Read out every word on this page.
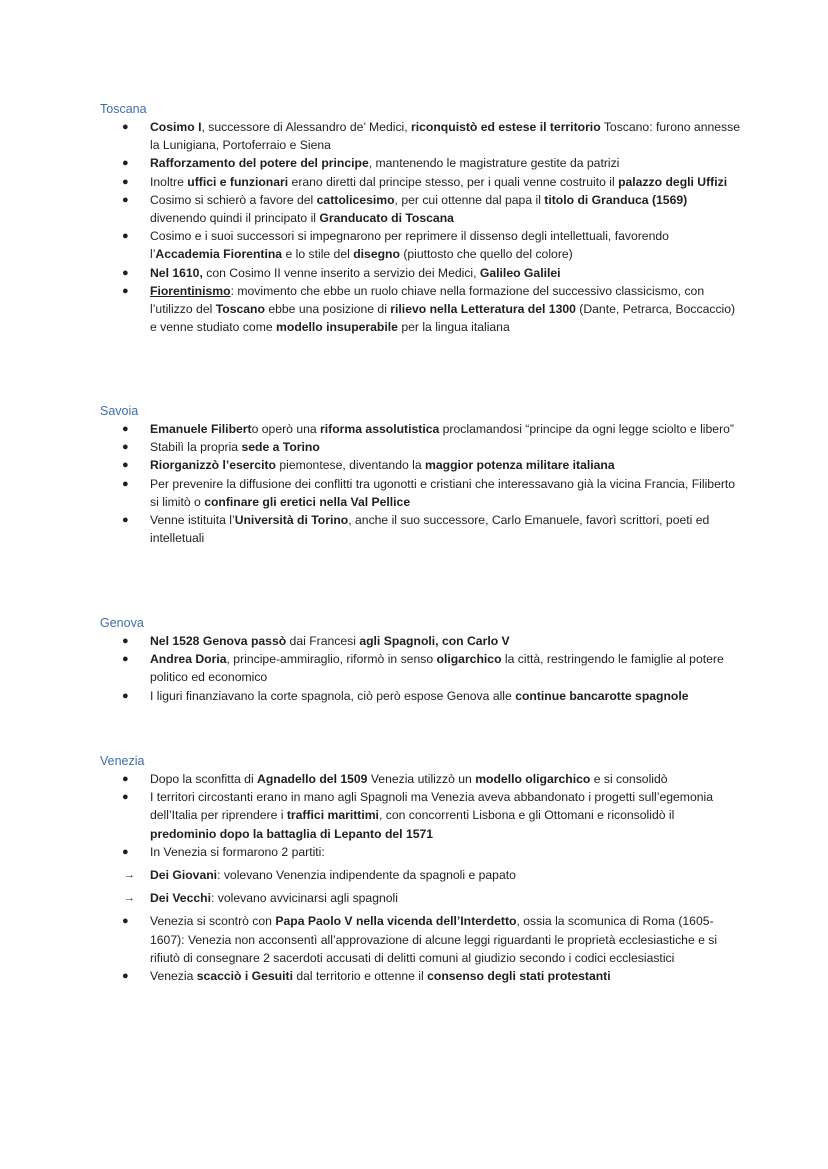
Toscana
●	Cosimo I, successore di Alessandro de’ Medici, riconquistò ed estese il territorio Toscano: furono annesse la Lunigiana, Portoferraio e Siena
●	Rafforzamento del potere del principe, mantenendo le magistrature gestite da patrizi
●	Inoltre uffici e funzionari erano diretti dal principe stesso, per i quali venne costruito il palazzo degli Uffizi
●	Cosimo si schierò a favore del cattolicesimo, per cui ottenne dal papa il titolo di Granduca (1569) divenendo quindi il principato il Granducato di Toscana
●	Cosimo e i suoi successori si impegnarono per reprimere il dissenso degli intellettuali, favorendo l’Accademia Fiorentina e lo stile del disegno (piuttosto che quello del colore)
●	Nel 1610, con Cosimo II venne inserito a servizio dei Medici, Galileo Galilei
●	Fiorentinismo: movimento che ebbe un ruolo chiave nella formazione del successivo classicismo, con l’utilizzo del Toscano ebbe una posizione di rilievo nella Letteratura del 1300 (Dante, Petrarca, Boccaccio) e venne studiato come modello insuperabile per la lingua italiana
Savoia
●	Emanuele Filiberto operò una riforma assolutistica proclamandosi “principe da ogni legge sciolto e libero”
●	Stabilì la propria sede a Torino
●	Riorganizzò l’esercito piemontese, diventando la maggior potenza militare italiana
●	Per prevenire la diffusione dei conflitti tra ugonotti e cristiani che interessavano già la vicina Francia, Filiberto si limitò o confinare gli eretici nella Val Pellice
●	Venne istituita l’Università di Torino, anche il suo successore, Carlo Emanuele, favorì scrittori, poeti ed intelletuali
Genova
●	Nel 1528 Genova passò dai Francesi agli Spagnoli, con Carlo V
●	Andrea Doria, principe-ammiraglio, riformò in senso oligarchico la città, restringendo le famiglie al potere politico ed economico
●	I liguri finanziavano la corte spagnola, ciò però espose Genova alle continue bancarotte spagnole
Venezia
●	Dopo la sconfitta di Agnadello del 1509 Venezia utilizzò un modello oligarchico e si consolidò
●	I territori circostanti erano in mano agli Spagnoli ma Venezia aveva abbandonato i progetti sull’egemonia dell’Italia per riprendere i traffici marittimi, con concorrenti Lisbona e gli Ottomani e riconsolidò il predominio dopo la battaglia di Lepanto del 1571
●	In Venezia si formarono 2 partiti:
→	Dei Giovani: volevano Venenzia indipendente da spagnoli e papato
→	Dei Vecchi: volevano avvicinarsi agli spagnoli
●	Venezia si scontrò con Papa Paolo V nella vicenda dell’Interdetto, ossia la scomunica di Roma (1605-1607): Venezia non acconsentì all’approvazione di alcune leggi riguardanti le proprietà ecclesiastiche e si rifiutò di consegnare 2 sacerdoti accusati di delitti comuni al giudizio secondo i codici ecclesiastici
●	Venezia scacciò i Gesuiti dal territorio e ottenne il consenso degli stati protestanti
